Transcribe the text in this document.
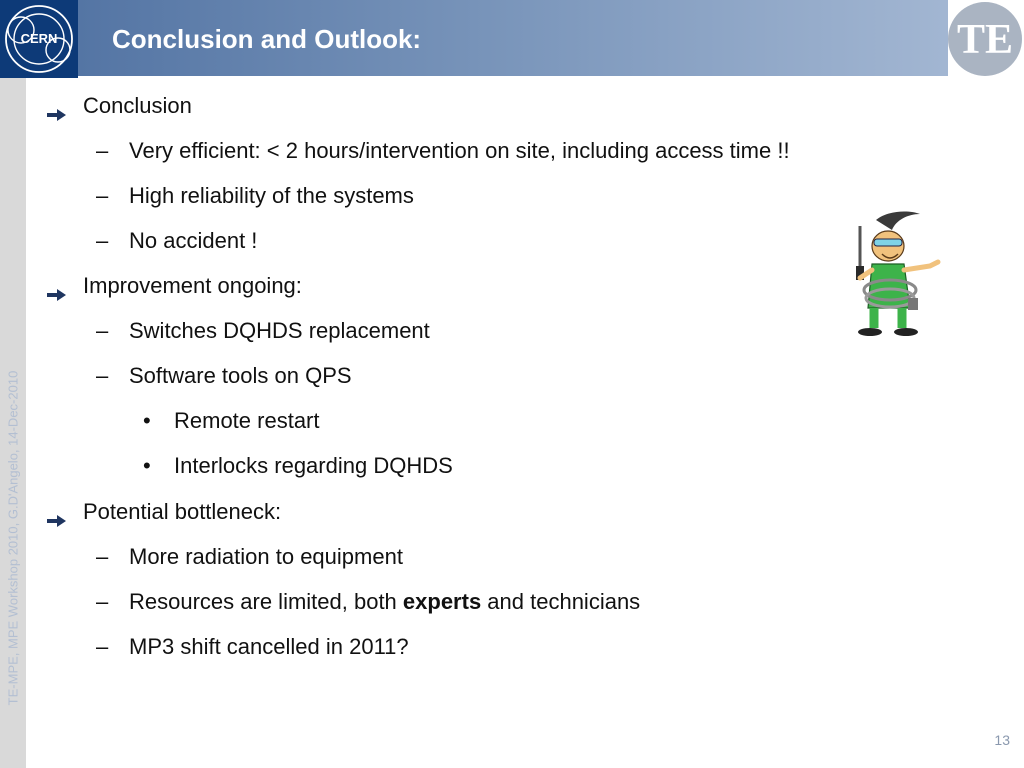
CERN Conclusion and Outlook:	TE
TE-MPE, MPE Workshop 2010, G.D'Angelo, 14-Dec-2010
Conclusion
– Very efficient: < 2 hours/intervention on site, including access time !!
– High reliability of the systems
– No accident !
Improvement ongoing:
– Switches DQHDS replacement
– Software tools on QPS
• Remote restart
• Interlocks regarding DQHDS
Potential bottleneck:
– More radiation to equipment
– Resources are limited, both experts and technicians
– MP3 shift cancelled in 2011?
13
